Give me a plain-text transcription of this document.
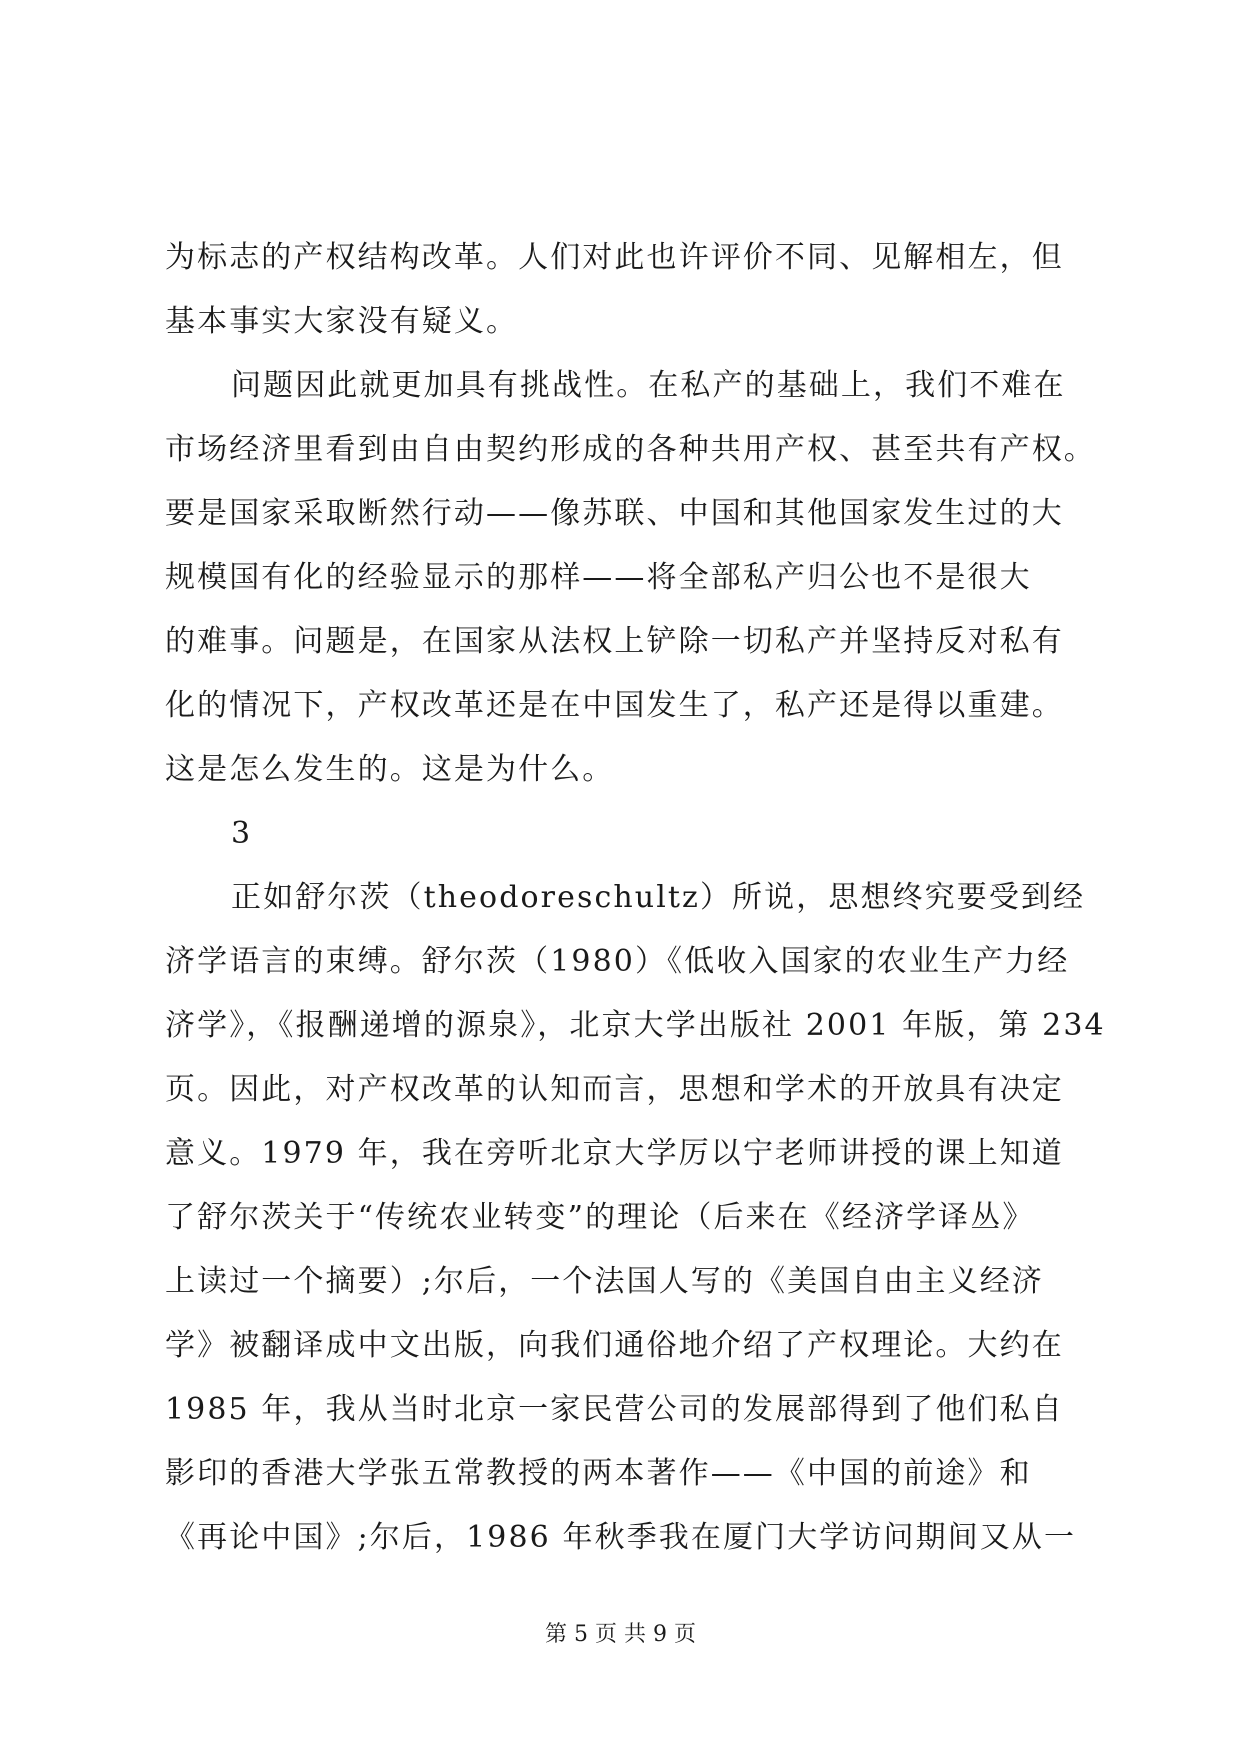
为标志的产权结构改革。人们对此也许评价不同、见解相左，但
基本事实大家没有疑义。
问题因此就更加具有挑战性。在私产的基础上，我们不难在
市场经济里看到由自由契约形成的各种共用产权、甚至共有产权。
要是国家采取断然行动——像苏联、中国和其他国家发生过的大
规模国有化的经验显示的那样——将全部私产归公也不是很大
的难事。问题是，在国家从法权上铲除一切私产并坚持反对私有
化的情况下，产权改革还是在中国发生了，私产还是得以重建。
这是怎么发生的。这是为什么。
3
正如舒尔茨（theodoreschultz）所说，思想终究要受到经
济学语言的束缚。舒尔茨（1980）《低收入国家的农业生产力经
济学》，《报酬递增的源泉》，北京大学出版社 2001 年版，第 234
页。因此，对产权改革的认知而言，思想和学术的开放具有决定
意义。1979 年，我在旁听北京大学厉以宁老师讲授的课上知道
了舒尔茨关于“传统农业转变”的理论（后来在《经济学译丛》
上读过一个摘要）;尔后，一个法国人写的《美国自由主义经济
学》被翻译成中文出版，向我们通俗地介绍了产权理论。大约在
1985 年，我从当时北京一家民营公司的发展部得到了他们私自
影印的香港大学张五常教授的两本著作——《中国的前途》和
《再论中国》;尔后，1986 年秋季我在厦门大学访问期间又从一
第 5 页 共 9 页
